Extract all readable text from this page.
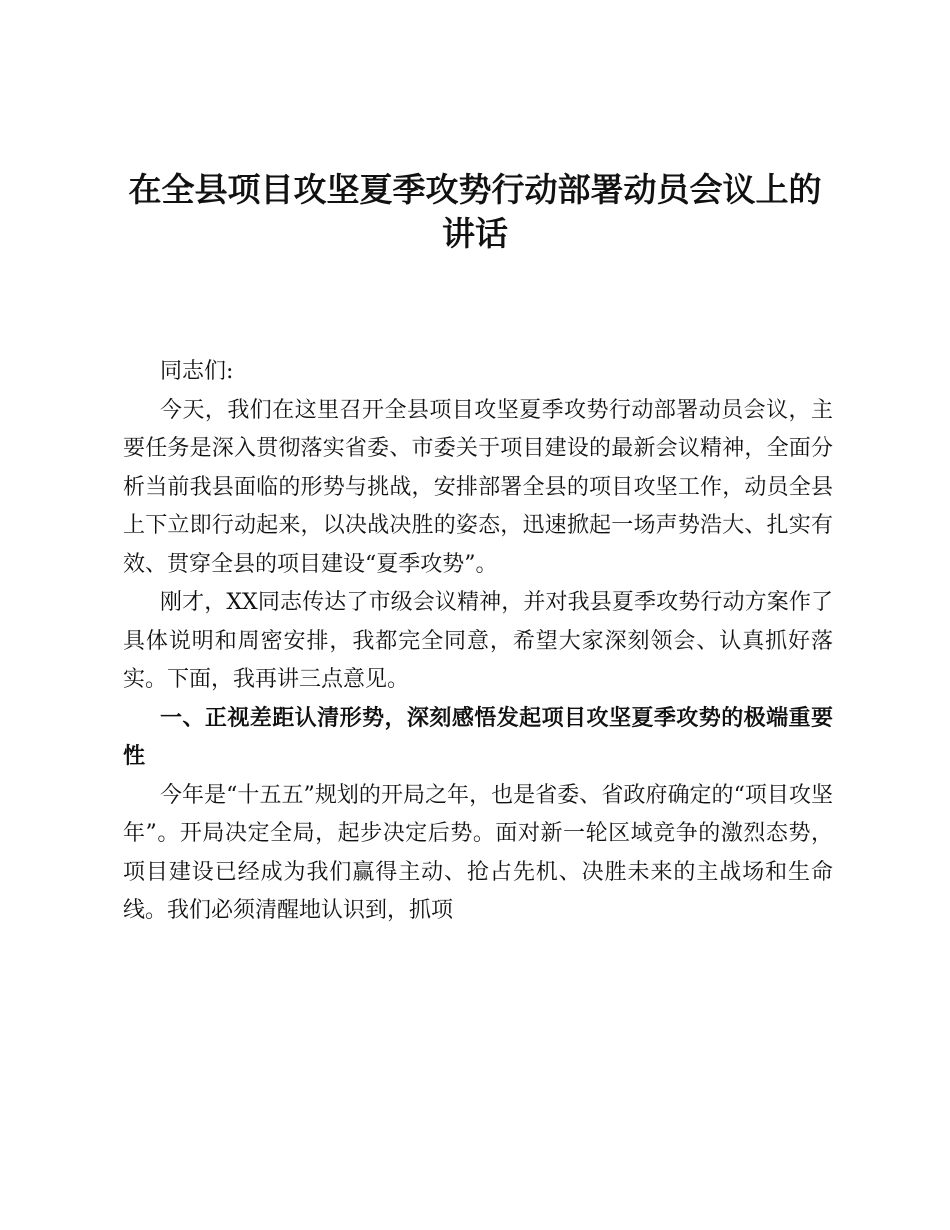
在全县项目攻坚夏季攻势行动部署动员会议上的讲话

同志们:

今天，我们在这里召开全县项目攻坚夏季攻势行动部署动员会议，主要任务是深入贯彻落实省委、市委关于项目建设的最新会议精神，全面分析当前我县面临的形势与挑战，安排部署全县的项目攻坚工作，动员全县上下立即行动起来，以决战决胜的姿态，迅速掀起一场声势浩大、扎实有效、贯穿全县的项目建设“夏季攻势”。

刚才，XX同志传达了市级会议精神，并对我县夏季攻势行动方案作了具体说明和周密安排，我都完全同意，希望大家深刻领会、认真抓好落实。下面，我再讲三点意见。

一、正视差距认清形势，深刻感悟发起项目攻坚夏季攻势的极端重要性

今年是“十五五”规划的开局之年，也是省委、省政府确定的“项目攻坚年”。开局决定全局，起步决定后势。面对新一轮区域竞争的激烈态势，项目建设已经成为我们赢得主动、抢占先机、决胜未来的主战场和生命线。我们必须清醒地认识到，抓项
